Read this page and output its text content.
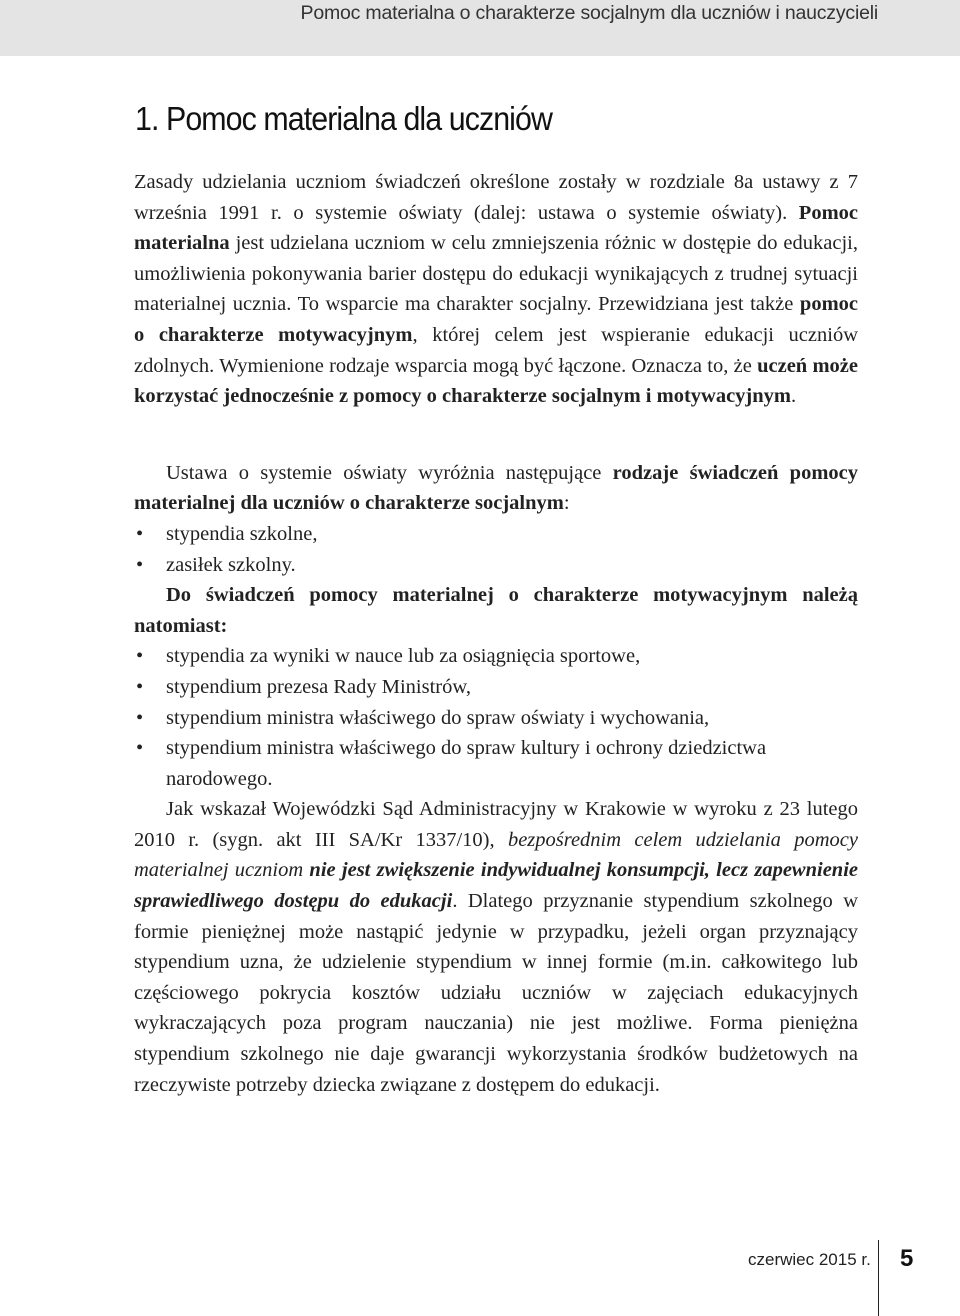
Pomoc materialna o charakterze socjalnym dla uczniów i nauczycieli
1. Pomoc materialna dla uczniów

Zasady udzielania uczniom świadczeń określone zostały w rozdziale 8a ustawy z 7 września 1991 r. o systemie oświaty (dalej: ustawa o systemie oświaty). Pomoc materialna jest udzielana uczniom w celu zmniejszenia różnic w dostępie do edukacji, umożliwienia pokonywania barier dostępu do edukacji wynikających z trudnej sytuacji materialnej ucznia. To wsparcie ma charakter socjalny. Przewidziana jest także pomoc o charakterze motywacyjnym, której celem jest wspieranie edukacji uczniów zdolnych. Wymienione rodzaje wsparcia mogą być łączone. Oznacza to, że uczeń może korzystać jednocześnie z pomocy o charakterze socjalnym i motywacyjnym.

Ustawa o systemie oświaty wyróżnia następujące rodzaje świadczeń pomocy materialnej dla uczniów o charakterze socjalnym:

• stypendia szkolne,
• zasiłek szkolny.

Do świadczeń pomocy materialnej o charakterze motywacyjnym należą natomiast:

• stypendia za wyniki w nauce lub za osiągnięcia sportowe,
• stypendium prezesa Rady Ministrów,
• stypendium ministra właściwego do spraw oświaty i wychowania,
• stypendium ministra właściwego do spraw kultury i ochrony dziedzictwa narodowego.

Jak wskazał Wojewódzki Sąd Administracyjny w Krakowie w wyroku z 23 lutego 2010 r. (sygn. akt III SA/Kr 1337/10), bezpośrednim celem udzielania pomocy materialnej uczniom nie jest zwiększenie indywidualnej konsumpcji, lecz zapewnienie sprawiedliwego dostępu do edukacji. Dlatego przyznanie stypendium szkolnego w formie pieniężnej może nastąpić jedynie w przypadku, jeżeli organ przyznający stypendium uzna, że udzielenie stypendium w innej formie (m.in. całkowitego lub częściowego pokrycia kosztów udziału uczniów w zajęciach edukacyjnych wykraczających poza program nauczania) nie jest możliwe. Forma pieniężna stypendium szkolnego nie daje gwarancji wykorzystania środków budżetowych na rzeczywiste potrzeby dziecka związane z dostępem do edukacji.

czerwiec 2015 r. 5
